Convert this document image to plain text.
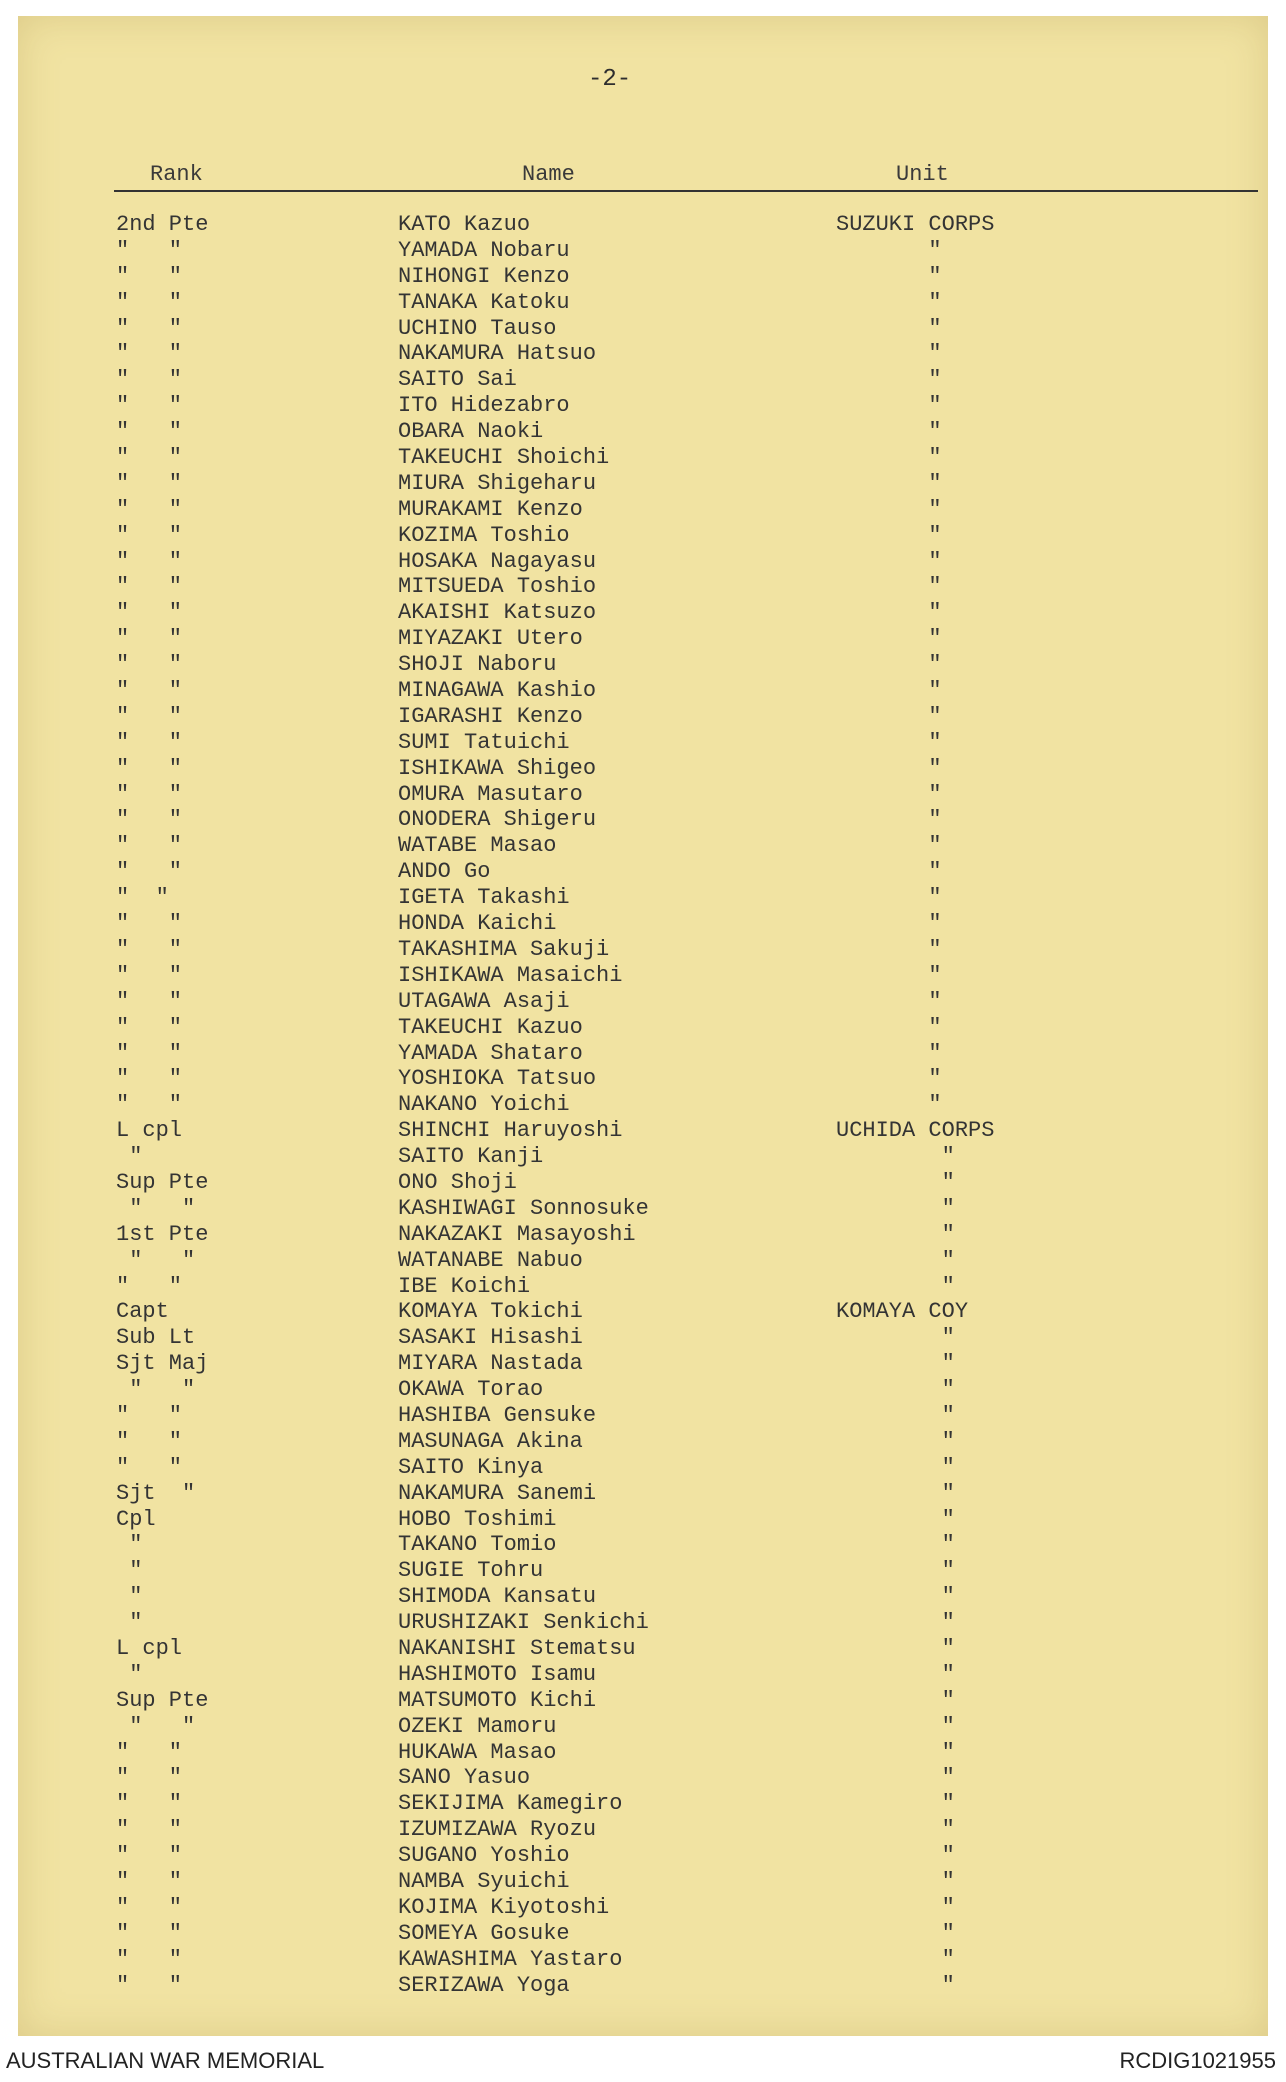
-2-
Rank	Name	Unit
2nd Pte	KATO Kazuo	SUZUKI CORPS
"   "	YAMADA Nobaru	"
"   "	NIHONGI Kenzo	"
"   "	TANAKA Katoku	"
"   "	UCHINO Tauso	"
"   "	NAKAMURA Hatsuo	"
"   "	SAITO Sai	"
"   "	ITO Hidezabro	"
"   "	OBARA Naoki	"
"   "	TAKEUCHI Shoichi	"
"   "	MIURA Shigeharu	"
"   "	MURAKAMI Kenzo	"
"   "	KOZIMA Toshio	"
"   "	HOSAKA Nagayasu	"
"   "	MITSUEDA Toshio	"
"   "	AKAISHI Katsuzo	"
"   "	MIYAZAKI Utero	"
"   "	SHOJI Naboru	"
"   "	MINAGAWA Kashio	"
"   "	IGARASHI Kenzo	"
"   "	SUMI Tatuichi	"
"   "	ISHIKAWA Shigeo	"
"   "	OMURA Masutaro	"
"   "	ONODERA Shigeru	"
"   "	WATABE Masao	"
"   "	ANDO Go	"
"  "	IGETA Takashi	"
"   "	HONDA Kaichi	"
"   "	TAKASHIMA Sakuji	"
"   "	ISHIKAWA Masaichi	"
"   "	UTAGAWA Asaji	"
"   "	TAKEUCHI Kazuo	"
"   "	YAMADA Shataro	"
"   "	YOSHIOKA Tatsuo	"
"   "	NAKANO Yoichi	"
L cpl	SHINCHI Haruyoshi	UCHIDA CORPS
"	SAITO Kanji	"
Sup Pte	ONO Shoji	"
"   "	KASHIWAGI Sonnosuke	"
1st Pte	NAKAZAKI Masayoshi	"
"   "	WATANABE Nabuo	"
"   "	IBE Koichi	"
Capt	KOMAYA Tokichi	KOMAYA COY
Sub Lt	SASAKI Hisashi	"
Sjt Maj	MIYARA Nastada	"
"   "	OKAWA Torao	"
"   "	HASHIBA Gensuke	"
"   "	MASUNAGA Akina	"
"   "	SAITO Kinya	"
Sjt  "	NAKAMURA Sanemi	"
Cpl	HOBO Toshimi	"
"	TAKANO Tomio	"
"	SUGIE Tohru	"
"	SHIMODA Kansatu	"
"	URUSHIZAKI Senkichi	"
L cpl	NAKANISHI Stematsu	"
"	HASHIMOTO Isamu	"
Sup Pte	MATSUMOTO Kichi	"
"   "	OZEKI Mamoru	"
"   "	HUKAWA Masao	"
"   "	SANO Yasuo	"
"   "	SEKIJIMA Kamegiro	"
"   "	IZUMIZAWA Ryozu	"
"   "	SUGANO Yoshio	"
"   "	NAMBA Syuichi	"
"   "	KOJIMA Kiyotoshi	"
"   "	SOMEYA Gosuke	"
"   "	KAWASHIMA Yastaro	"
"   "	SERIZAWA Yoga	"
AUSTRALIAN WAR MEMORIAL	RCDIG1021955
